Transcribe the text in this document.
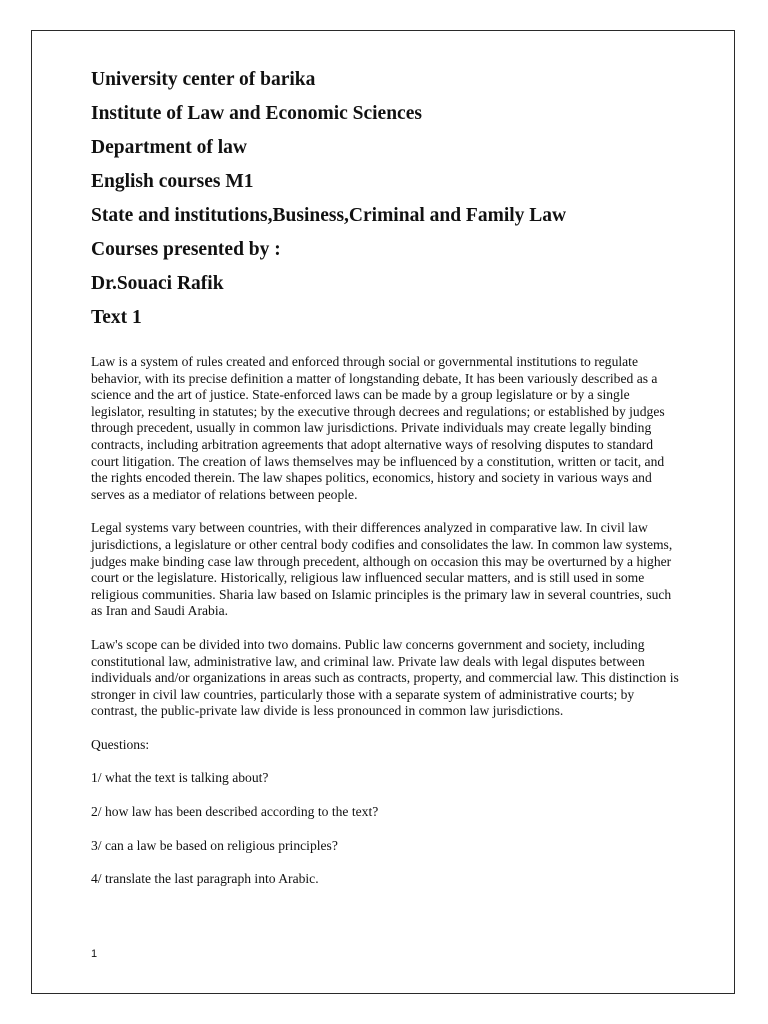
University center of barika
Institute of Law and Economic Sciences
Department of law
English courses M1
State and institutions,Business,Criminal and Family Law
Courses presented by :
Dr.Souaci Rafik
Text 1

Law is a system of rules created and enforced through social or governmental institutions to regulate behavior, with its precise definition a matter of longstanding debate, It has been variously described as a science and the art of justice. State-enforced laws can be made by a group legislature or by a single legislator, resulting in statutes; by the executive through decrees and regulations; or established by judges through precedent, usually in common law jurisdictions. Private individuals may create legally binding contracts, including arbitration agreements that adopt alternative ways of resolving disputes to standard court litigation. The creation of laws themselves may be influenced by a constitution, written or tacit, and the rights encoded therein. The law shapes politics, economics, history and society in various ways and serves as a mediator of relations between people.

Legal systems vary between countries, with their differences analyzed in comparative law. In civil law jurisdictions, a legislature or other central body codifies and consolidates the law. In common law systems, judges make binding case law through precedent, although on occasion this may be overturned by a higher court or the legislature. Historically, religious law influenced secular matters, and is still used in some religious communities. Sharia law based on Islamic principles is the primary law in several countries, such as Iran and Saudi Arabia.

Law's scope can be divided into two domains. Public law concerns government and society, including constitutional law, administrative law, and criminal law. Private law deals with legal disputes between individuals and/or organizations in areas such as contracts, property, and commercial law. This distinction is stronger in civil law countries, particularly those with a separate system of administrative courts; by contrast, the public-private law divide is less pronounced in common law jurisdictions.

Questions:

1/ what the text is talking about?

2/ how law has been described according to the text?

3/ can a law be based on religious principles?

4/ translate the last paragraph into Arabic.

1
